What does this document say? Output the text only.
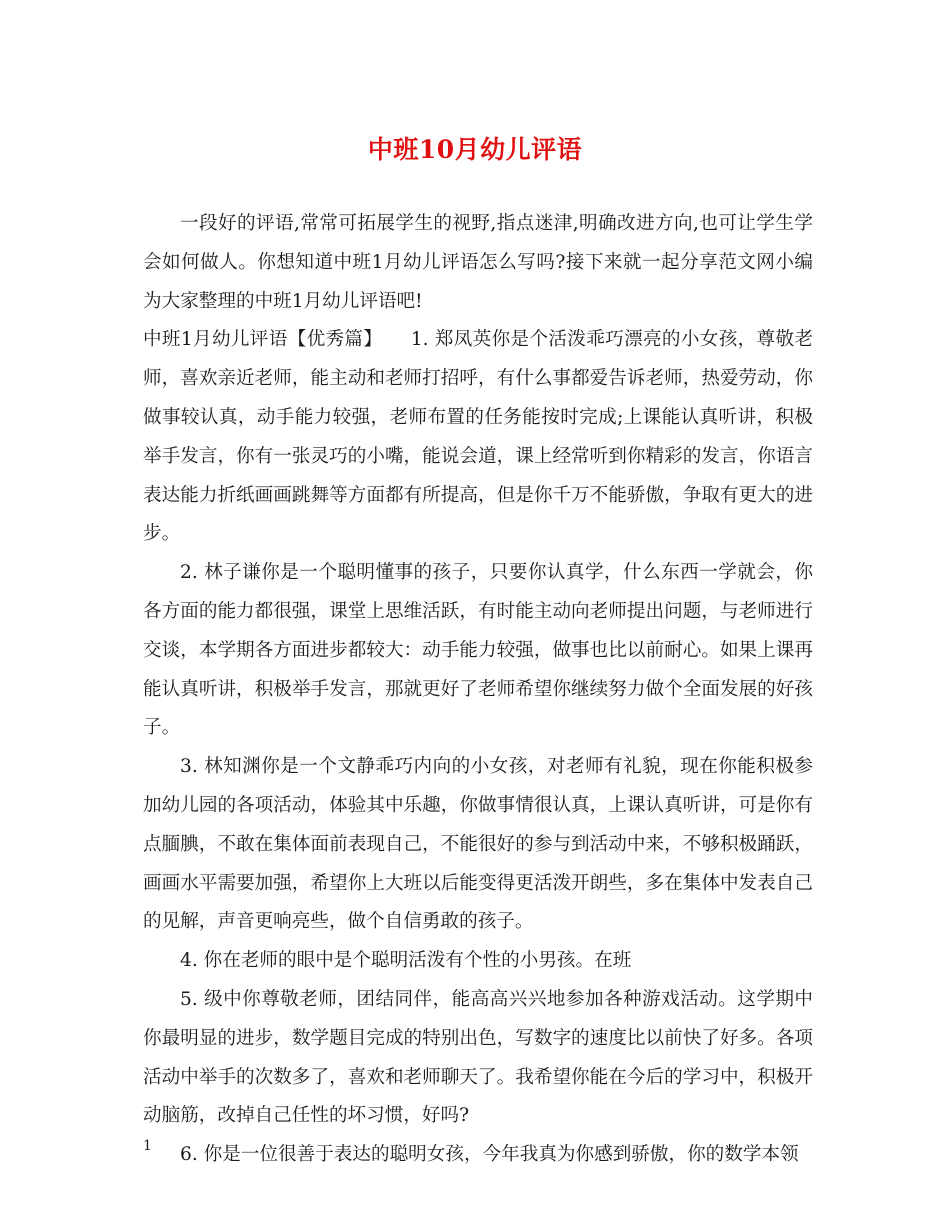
中班10月幼儿评语

一段好的评语,常常可拓展学生的视野,指点迷津,明确改进方向,也可让学生学会如何做人。你想知道中班1月幼儿评语怎么写吗?接下来就一起分享范文网小编为大家整理的中班1月幼儿评语吧!

中班1月幼儿评语【优秀篇】　　1. 郑凤英你是个活泼乖巧漂亮的小女孩，尊敬老师，喜欢亲近老师，能主动和老师打招呼，有什么事都爱告诉老师，热爱劳动，你做事较认真，动手能力较强，老师布置的任务能按时完成;上课能认真听讲，积极举手发言，你有一张灵巧的小嘴，能说会道，课上经常听到你精彩的发言，你语言表达能力折纸画画跳舞等方面都有所提高，但是你千万不能骄傲，争取有更大的进步。

2. 林子谦你是一个聪明懂事的孩子，只要你认真学，什么东西一学就会，你各方面的能力都很强，课堂上思维活跃，有时能主动向老师提出问题，与老师进行交谈，本学期各方面进步都较大：动手能力较强，做事也比以前耐心。如果上课再能认真听讲，积极举手发言，那就更好了老师希望你继续努力做个全面发展的好孩子。

3. 林知渊你是一个文静乖巧内向的小女孩，对老师有礼貌，现在你能积极参加幼儿园的各项活动，体验其中乐趣，你做事情很认真，上课认真听讲，可是你有点腼腆，不敢在集体面前表现自己，不能很好的参与到活动中来，不够积极踊跃，画画水平需要加强，希望你上大班以后能变得更活泼开朗些，多在集体中发表自己的见解，声音更响亮些，做个自信勇敢的孩子。

4. 你在老师的眼中是个聪明活泼有个性的小男孩。在班

5. 级中你尊敬老师，团结同伴，能高高兴兴地参加各种游戏活动。这学期中你最明显的进步，数学题目完成的特别出色，写数字的速度比以前快了好多。各项活动中举手的次数多了，喜欢和老师聊天了。我希望你能在今后的学习中，积极开动脑筋，改掉自己任性的坏习惯，好吗?

6. 你是一位很善于表达的聪明女孩，今年我真为你感到骄傲，你的数学本领

1
